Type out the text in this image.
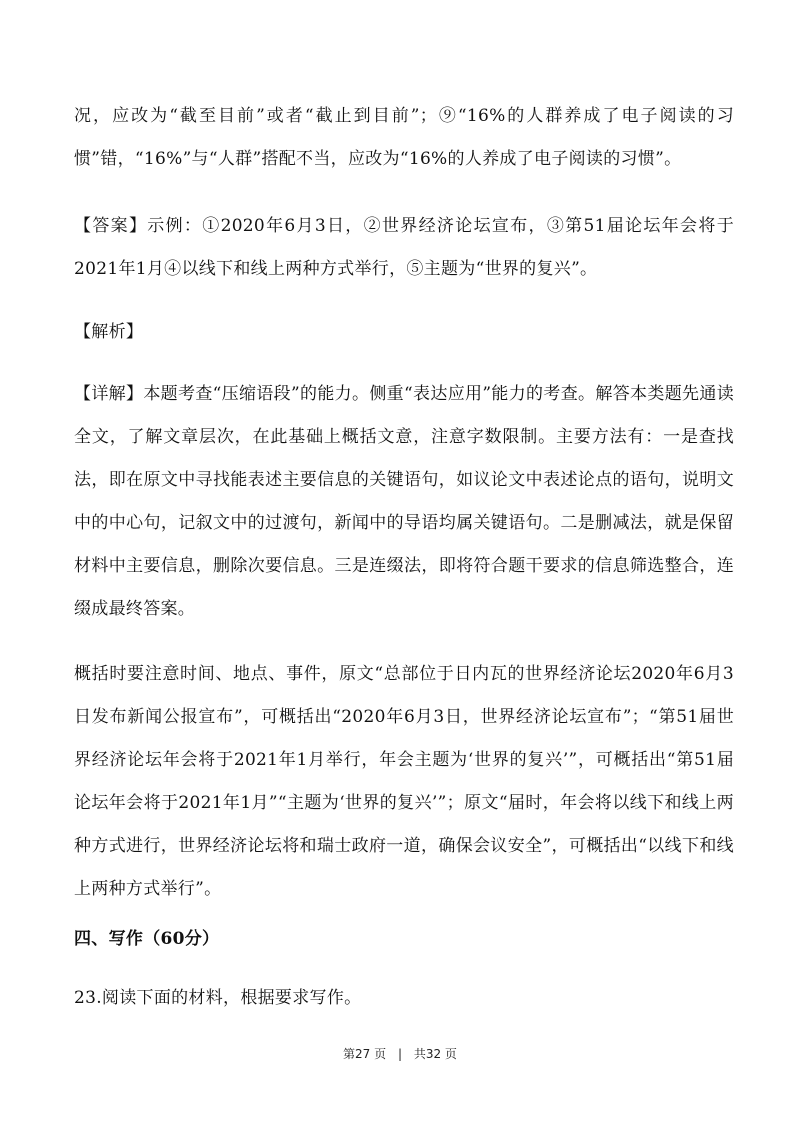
况，应改为“截至目前”或者“截止到目前”；⑨“16%的人群养成了电子阅读的习惯”错，“16%”与“人群”搭配不当，应改为“16%的人养成了电子阅读的习惯”。

【答案】示例：①2020年6月3日，②世界经济论坛宣布，③第51届论坛年会将于2021年1月④以线下和线上两种方式举行，⑤主题为“世界的复兴”。

【解析】

【详解】本题考查“压缩语段”的能力。侧重“表达应用”能力的考查。解答本类题先通读全文，了解文章层次，在此基础上概括文意，注意字数限制。主要方法有：一是查找法，即在原文中寻找能表述主要信息的关键语句，如议论文中表述论点的语句，说明文中的中心句，记叙文中的过渡句，新闻中的导语均属关键语句。二是删减法，就是保留材料中主要信息，删除次要信息。三是连缀法，即将符合题干要求的信息筛选整合，连缀成最终答案。

概括时要注意时间、地点、事件，原文“总部位于日内瓦的世界经济论坛2020年6月3日发布新闻公报宣布”，可概括出“2020年6月3日，世界经济论坛宣布”；“第51届世界经济论坛年会将于2021年1月举行，年会主题为‘世界的复兴’”，可概括出“第51届论坛年会将于2021年1月”“主题为‘世界的复兴’”；原文“届时，年会将以线下和线上两种方式进行，世界经济论坛将和瑞士政府一道，确保会议安全”，可概括出“以线下和线上两种方式举行”。

四、写作（60分）

23.阅读下面的材料，根据要求写作。

第27 页 | 共32 页
